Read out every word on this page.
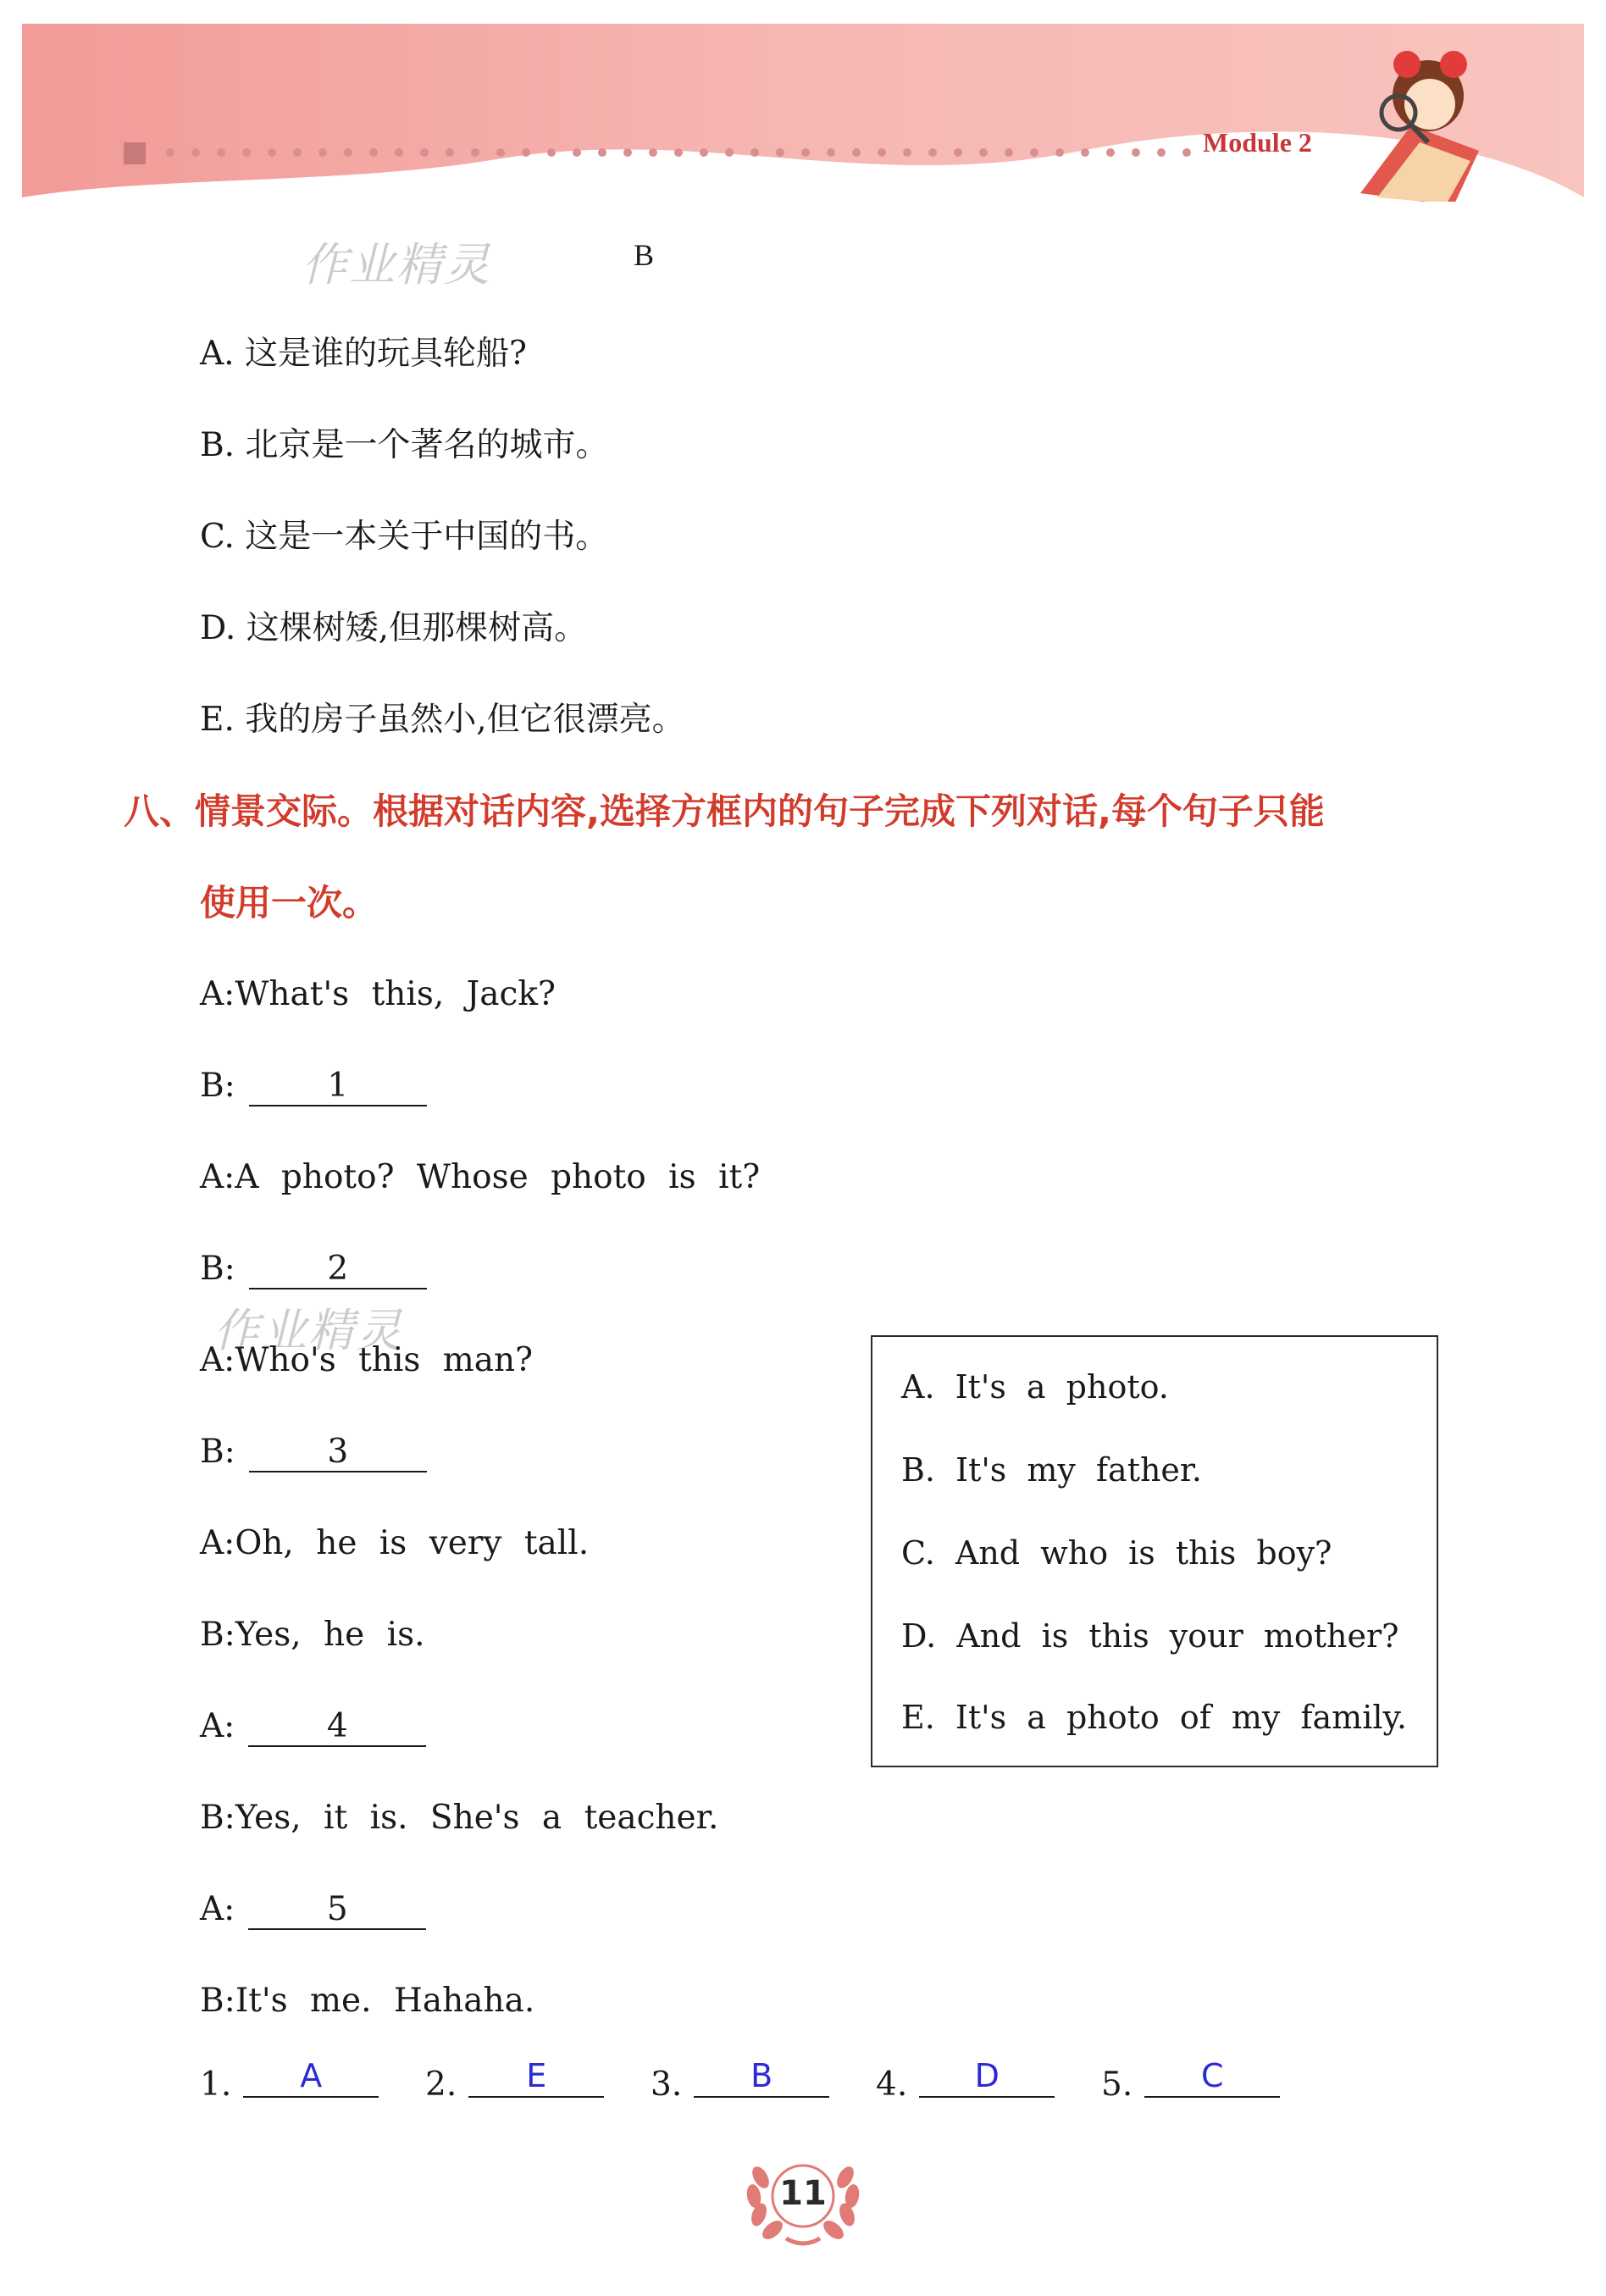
Module 2
作业精灵
作业精灵
B
A. 这是谁的玩具轮船?
B. 北京是一个著名的城市。
C. 这是一本关于中国的书。
D. 这棵树矮,但那棵树高。
E. 我的房子虽然小,但它很漂亮。
八、情景交际。根据对话内容,选择方框内的句子完成下列对话,每个句子只能
使用一次。
A:What's this, Jack?
B:	1
A:A photo? Whose photo is it?
B:	2
A:Who's this man?
B:	3
A:Oh, he is very tall.
B:Yes, he is.
A:	4
B:Yes, it is. She's a teacher.
A:	5
B:It's me. Hahaha.
A. It's a photo.
B. It's my father.
C. And who is this boy?
D. And is this your mother?
E. It's a photo of my family.
1. A	2. E	3. B	4. D	5. C
11
